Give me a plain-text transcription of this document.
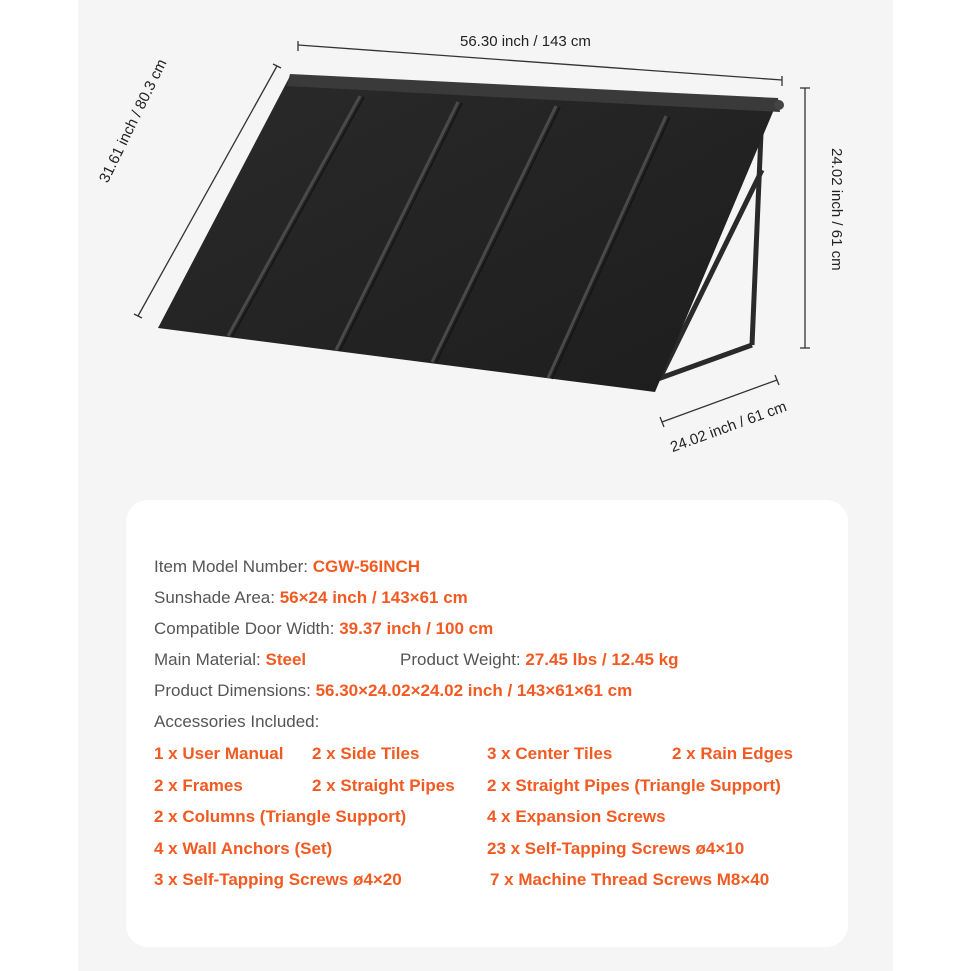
56.30 inch / 143 cm
31.61 inch / 80.3 cm
24.02 inch / 61 cm
24.02 inch / 61 cm
Item Model Number: CGW-56INCH
Sunshade Area: 56×24 inch / 143×61 cm
Compatible Door Width: 39.37 inch / 100 cm
Main Material: Steel	Product Weight: 27.45 lbs / 12.45 kg
Product Dimensions: 56.30×24.02×24.02 inch / 143×61×61 cm
Accessories Included:
1 x User Manual 2 x Side Tiles	3 x Center Tiles	2 x Rain Edges
2 x Frames	2 x Straight Pipes 2 x Straight Pipes (Triangle Support)
2 x Columns (Triangle Support)	4 x Expansion Screws
4 x Wall Anchors (Set)	23 x Self-Tapping Screws ø4×10
3 x Self-Tapping Screws ø4×20	7 x Machine Thread Screws M8×40
